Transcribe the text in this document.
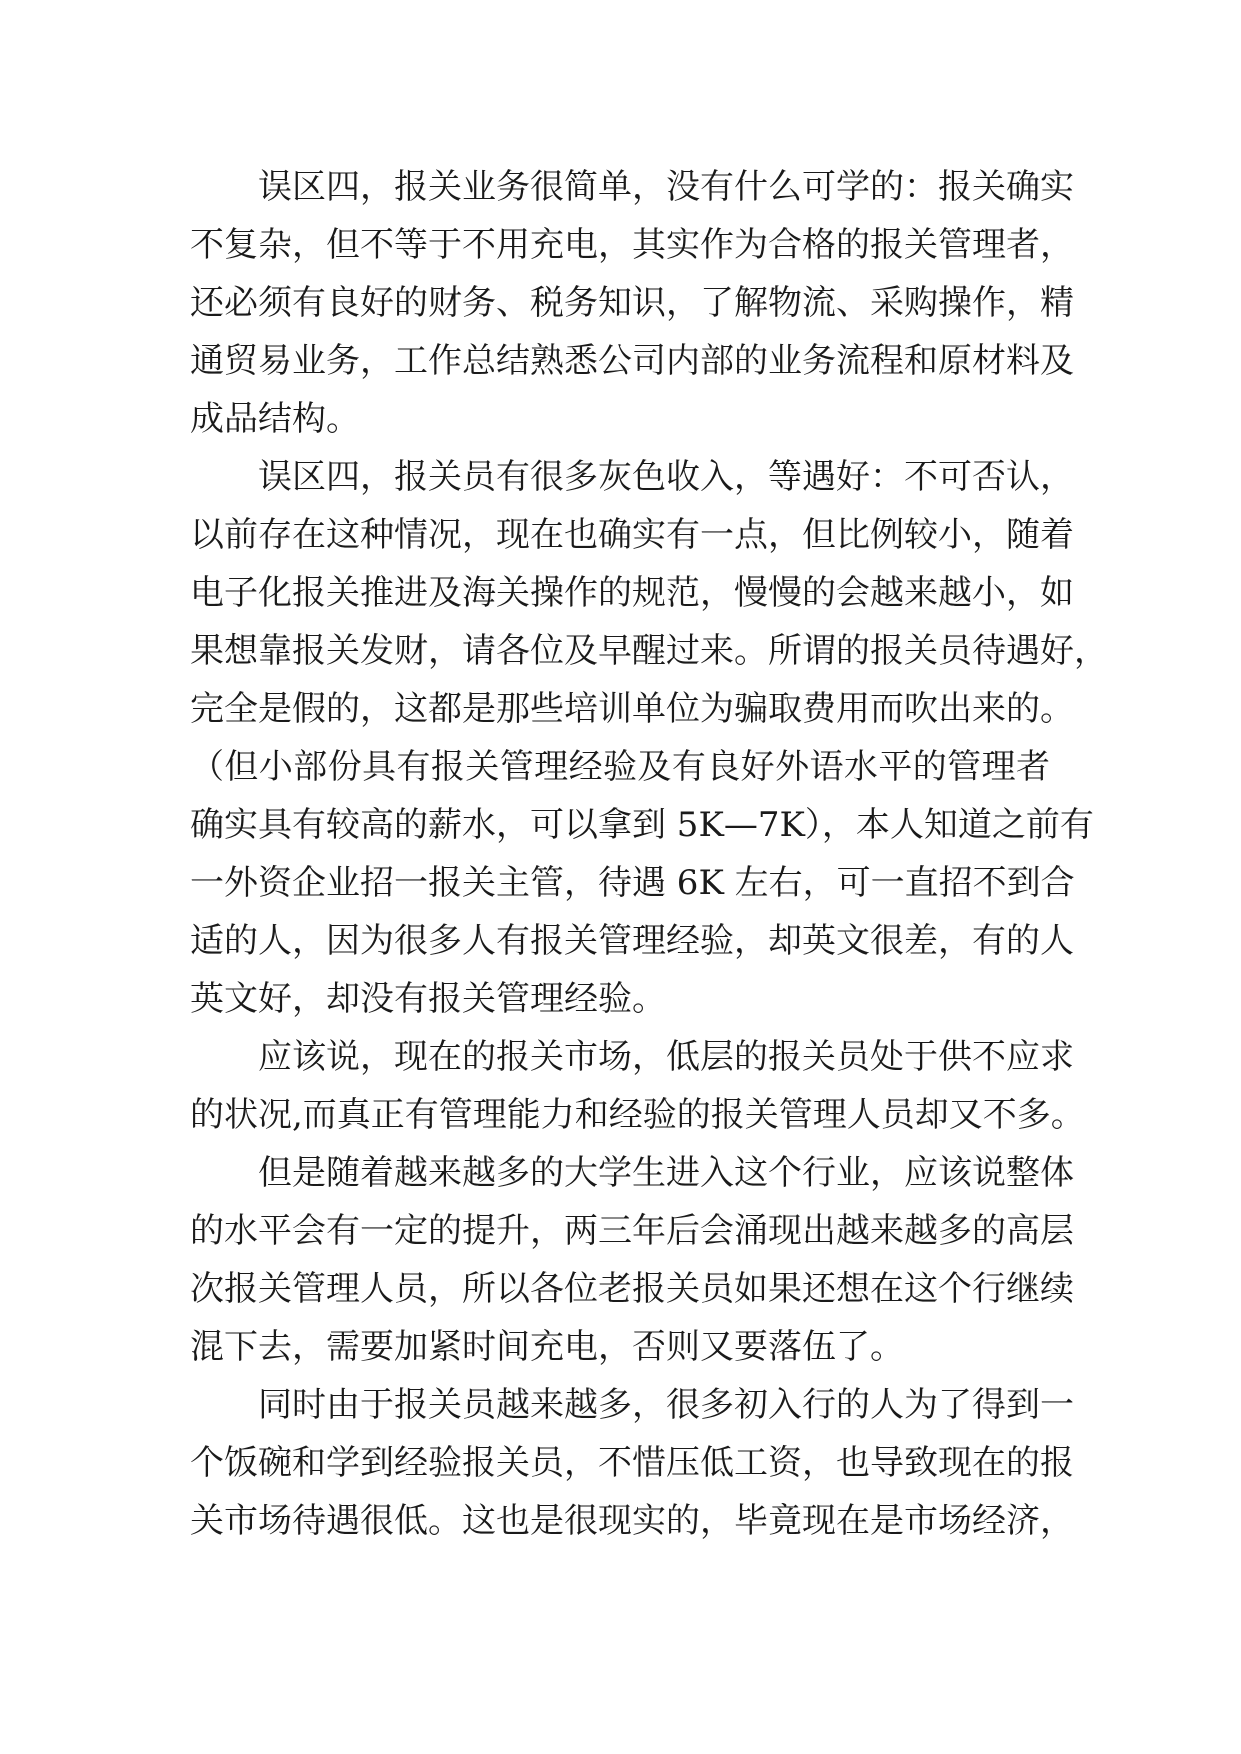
误区四，报关业务很简单，没有什么可学的：报关确实
不复杂，但不等于不用充电，其实作为合格的报关管理者，
还必须有良好的财务、税务知识，了解物流、采购操作，精
通贸易业务，工作总结熟悉公司内部的业务流程和原材料及
成品结构。
误区四，报关员有很多灰色收入，等遇好：不可否认，
以前存在这种情况，现在也确实有一点，但比例较小，随着
电子化报关推进及海关操作的规范，慢慢的会越来越小，如
果想靠报关发财，请各位及早醒过来。所谓的报关员待遇好，
完全是假的，这都是那些培训单位为骗取费用而吹出来的。
（但小部份具有报关管理经验及有良好外语水平的管理者
确实具有较高的薪水，可以拿到 5K—7K），本人知道之前有
一外资企业招一报关主管，待遇 6K 左右，可一直招不到合
适的人，因为很多人有报关管理经验，却英文很差，有的人
英文好，却没有报关管理经验。
应该说，现在的报关市场，低层的报关员处于供不应求
的状况,而真正有管理能力和经验的报关管理人员却又不多。
但是随着越来越多的大学生进入这个行业，应该说整体
的水平会有一定的提升，两三年后会涌现出越来越多的高层
次报关管理人员，所以各位老报关员如果还想在这个行继续
混下去，需要加紧时间充电，否则又要落伍了。
同时由于报关员越来越多，很多初入行的人为了得到一
个饭碗和学到经验报关员，不惜压低工资，也导致现在的报
关市场待遇很低。这也是很现实的，毕竟现在是市场经济，
